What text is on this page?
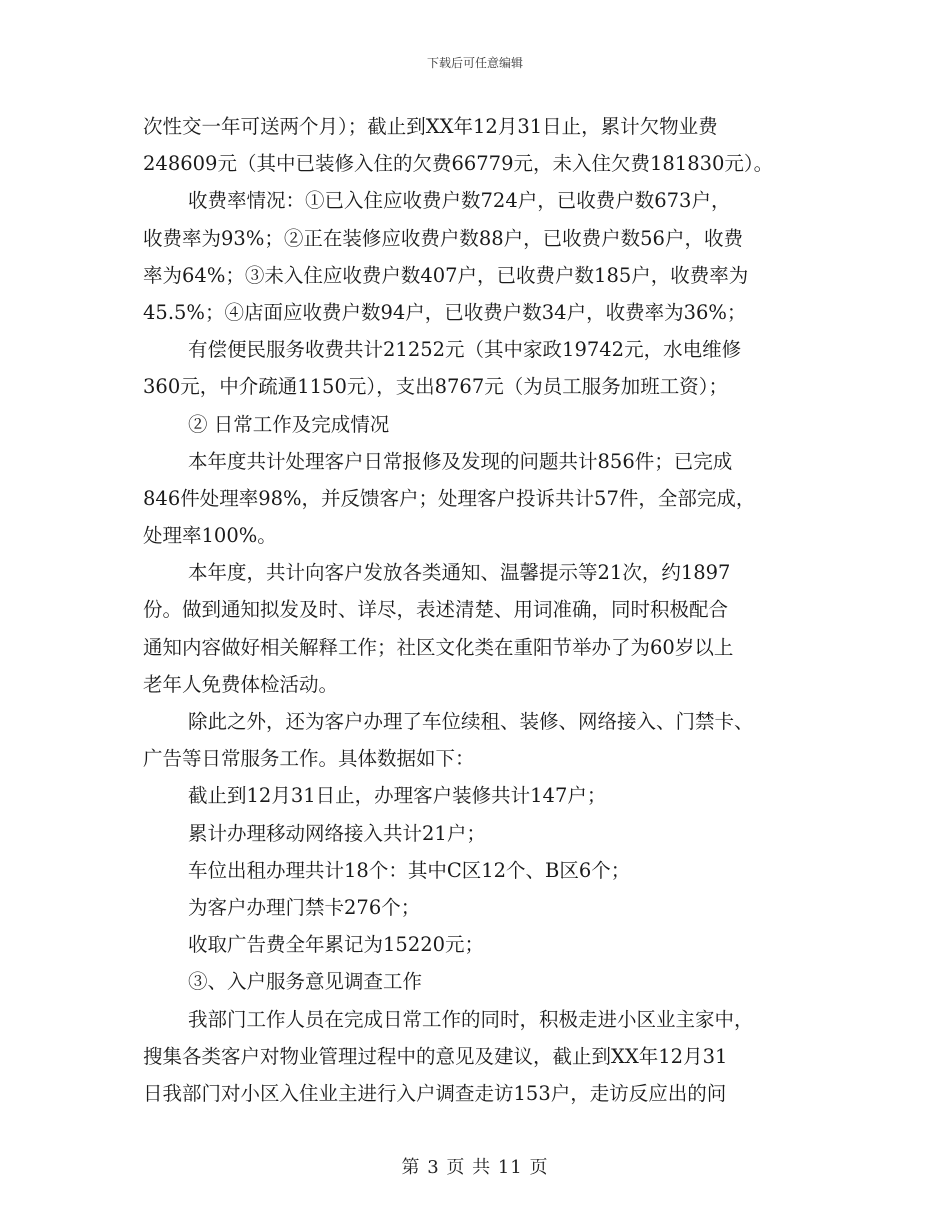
下载后可任意编辑
次性交一年可送两个月）；截止到XX年12月31日止，累计欠物业费
248609元（其中已装修入住的欠费66779元，未入住欠费181830元）。
收费率情况：①已入住应收费户数724户，已收费户数673户，
收费率为93%；②正在装修应收费户数88户，已收费户数56户，收费
率为64%；③未入住应收费户数407户，已收费户数185户，收费率为
45.5%；④店面应收费户数94户，已收费户数34户，收费率为36%；
有偿便民服务收费共计21252元（其中家政19742元，水电维修
360元，中介疏通1150元），支出8767元（为员工服务加班工资）；
② 日常工作及完成情况
本年度共计处理客户日常报修及发现的问题共计856件；已完成
846件处理率98%，并反馈客户；处理客户投诉共计57件，全部完成，
处理率100%。
本年度，共计向客户发放各类通知、温馨提示等21次，约1897
份。做到通知拟发及时、详尽，表述清楚、用词准确，同时积极配合
通知内容做好相关解释工作；社区文化类在重阳节举办了为60岁以上
老年人免费体检活动。
除此之外，还为客户办理了车位续租、装修、网络接入、门禁卡、
广告等日常服务工作。具体数据如下：
截止到12月31日止，办理客户装修共计147户；
累计办理移动网络接入共计21户；
车位出租办理共计18个：其中C区12个、B区6个；
为客户办理门禁卡276个；
收取广告费全年累记为15220元；
③、入户服务意见调查工作
我部门工作人员在完成日常工作的同时，积极走进小区业主家中，
搜集各类客户对物业管理过程中的意见及建议，截止到XX年12月31
日我部门对小区入住业主进行入户调查走访153户，走访反应出的问
第 3 页 共 11 页
